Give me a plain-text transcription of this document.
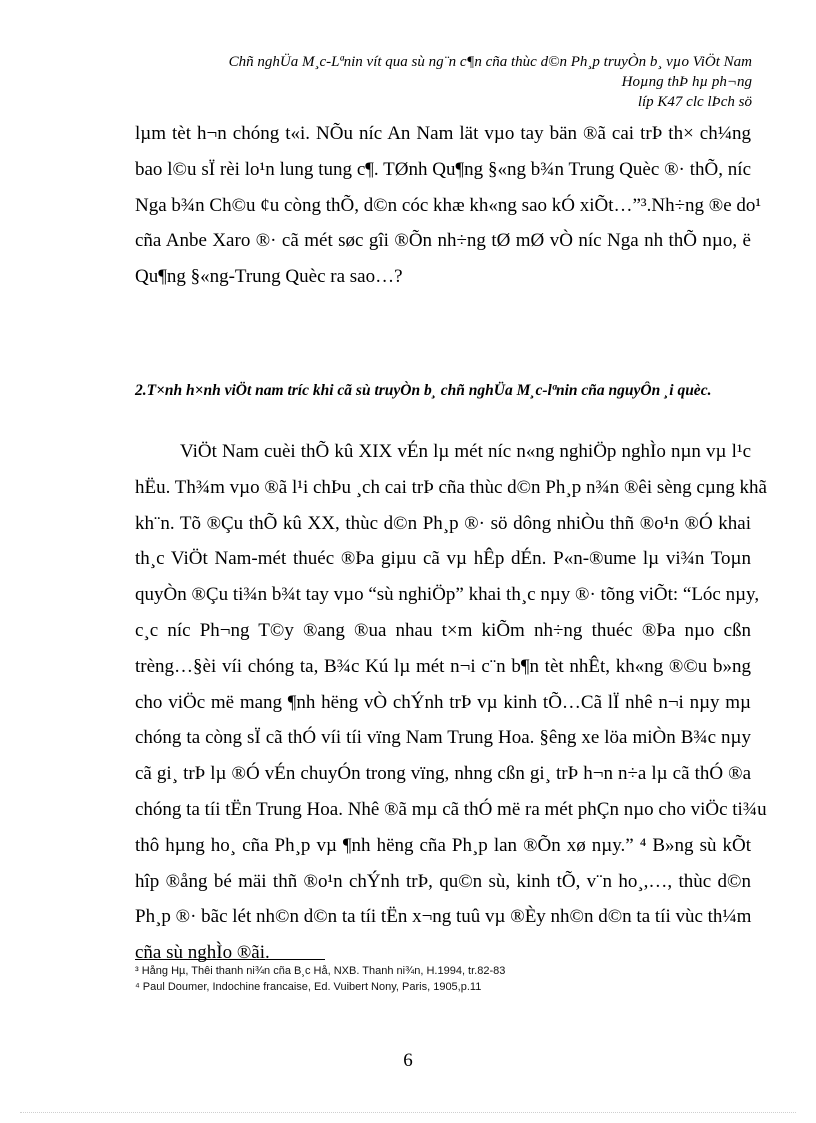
Chñ nghÜa M¸c-Lªnin vít qua sù ng¨n c¶n cña thùc d©n Ph¸p truyÒn b¸ vµo ViÖt Nam
Hoµng thÞ hµ ph¬ng
líp K47 clc lÞch sö
lµm tèt h¬n chóng t«i. NÕu níc An Nam lät vµo tay bän ®ã cai trÞ th× ch¼ng
bao l©u sÏ rèi lo¹n lung tung c¶. TØnh Qu¶ng §«ng b¾n Trung Quèc ®· thÕ, níc
Nga b¾n Ch©u ¢u còng thÕ, d©n cóc khæ kh«ng sao kÓ xiÕt…”³.Nh÷ng ®e do¹
cña Anbe Xaro ®· cã mét søc gîi ®Õn nh÷ng tØ mØ vÒ níc Nga nh thÕ nµo, ë
Qu¶ng §«ng-Trung Quèc ra sao…?
2.T×nh h×nh viÖt nam tríc khi cã sù truyÒn b¸ chñ nghÜa M¸c-lªnin cña nguyÔn ¸i quèc.
ViÖt Nam cuèi thÕ kû XIX vÉn lµ mét níc n«ng nghiÖp nghÌo nµn vµ l¹c
hËu. Th¾m vµo ®ã l¹i chÞu ¸ch cai trÞ cña thùc d©n Ph¸p n¾n ®êi sèng cµng khã
kh¨n. Tõ ®Çu thÕ kû XX, thùc d©n Ph¸p ®· sö dông nhiÒu thñ ®o¹n ®Ó khai
th¸c ViÖt Nam-mét thuéc ®Þa giµu cã vµ hÊp dÉn. P«n-®ume lµ vi¾n Toµn
quyÒn ®Çu ti¾n b¾t tay vµo “sù nghiÖp” khai th¸c nµy ®· tõng viÕt: “Lóc nµy,
c¸c níc Ph¬ng T©y ®ang ®ua nhau t×m kiÕm nh÷ng thuéc ®Þa nµo cßn
trèng…§èi víi chóng ta, B¾c Kú lµ mét n¬i c¨n b¶n tèt nhÊt, kh«ng ®©u b»ng
cho viÖc më mang ¶nh hëng vÒ chÝnh trÞ vµ kinh tÕ…Cã lÏ nhê n¬i nµy mµ
chóng ta còng sÏ cã thÓ víi tíi vïng Nam Trung Hoa. §êng xe löa miÒn B¾c nµy
cã gi¸ trÞ lµ ®Ó vÉn chuyÓn trong vïng, nhng cßn gi¸ trÞ h¬n n÷a lµ cã thÓ ®a
chóng ta tíi tËn Trung Hoa. Nhê ®ã mµ cã thÓ më ra mét phÇn nµo cho viÖc ti¾u
thô hµng ho¸ cña Ph¸p vµ ¶nh hëng cña Ph¸p lan ®Õn xø nµy.” ⁴ B»ng sù kÕt
hîp ®ång bé mäi thñ ®o¹n chÝnh trÞ, qu©n sù, kinh tÕ, v¨n ho¸,…, thùc d©n
Ph¸p ®· bãc lét nh©n d©n ta tíi tËn x¬ng tuû vµ ®Èy nh©n d©n ta tíi vùc th¼m
cña sù nghÌo ®ãi.
³ Hång Hµ, Thêi thanh ni¾n cña B¸c Hå, NXB. Thanh ni¾n, H.1994, tr.82-83
⁴ Paul Doumer, Indochine francaise, Ed. Vuibert Nony, Paris, 1905,p.11
6
